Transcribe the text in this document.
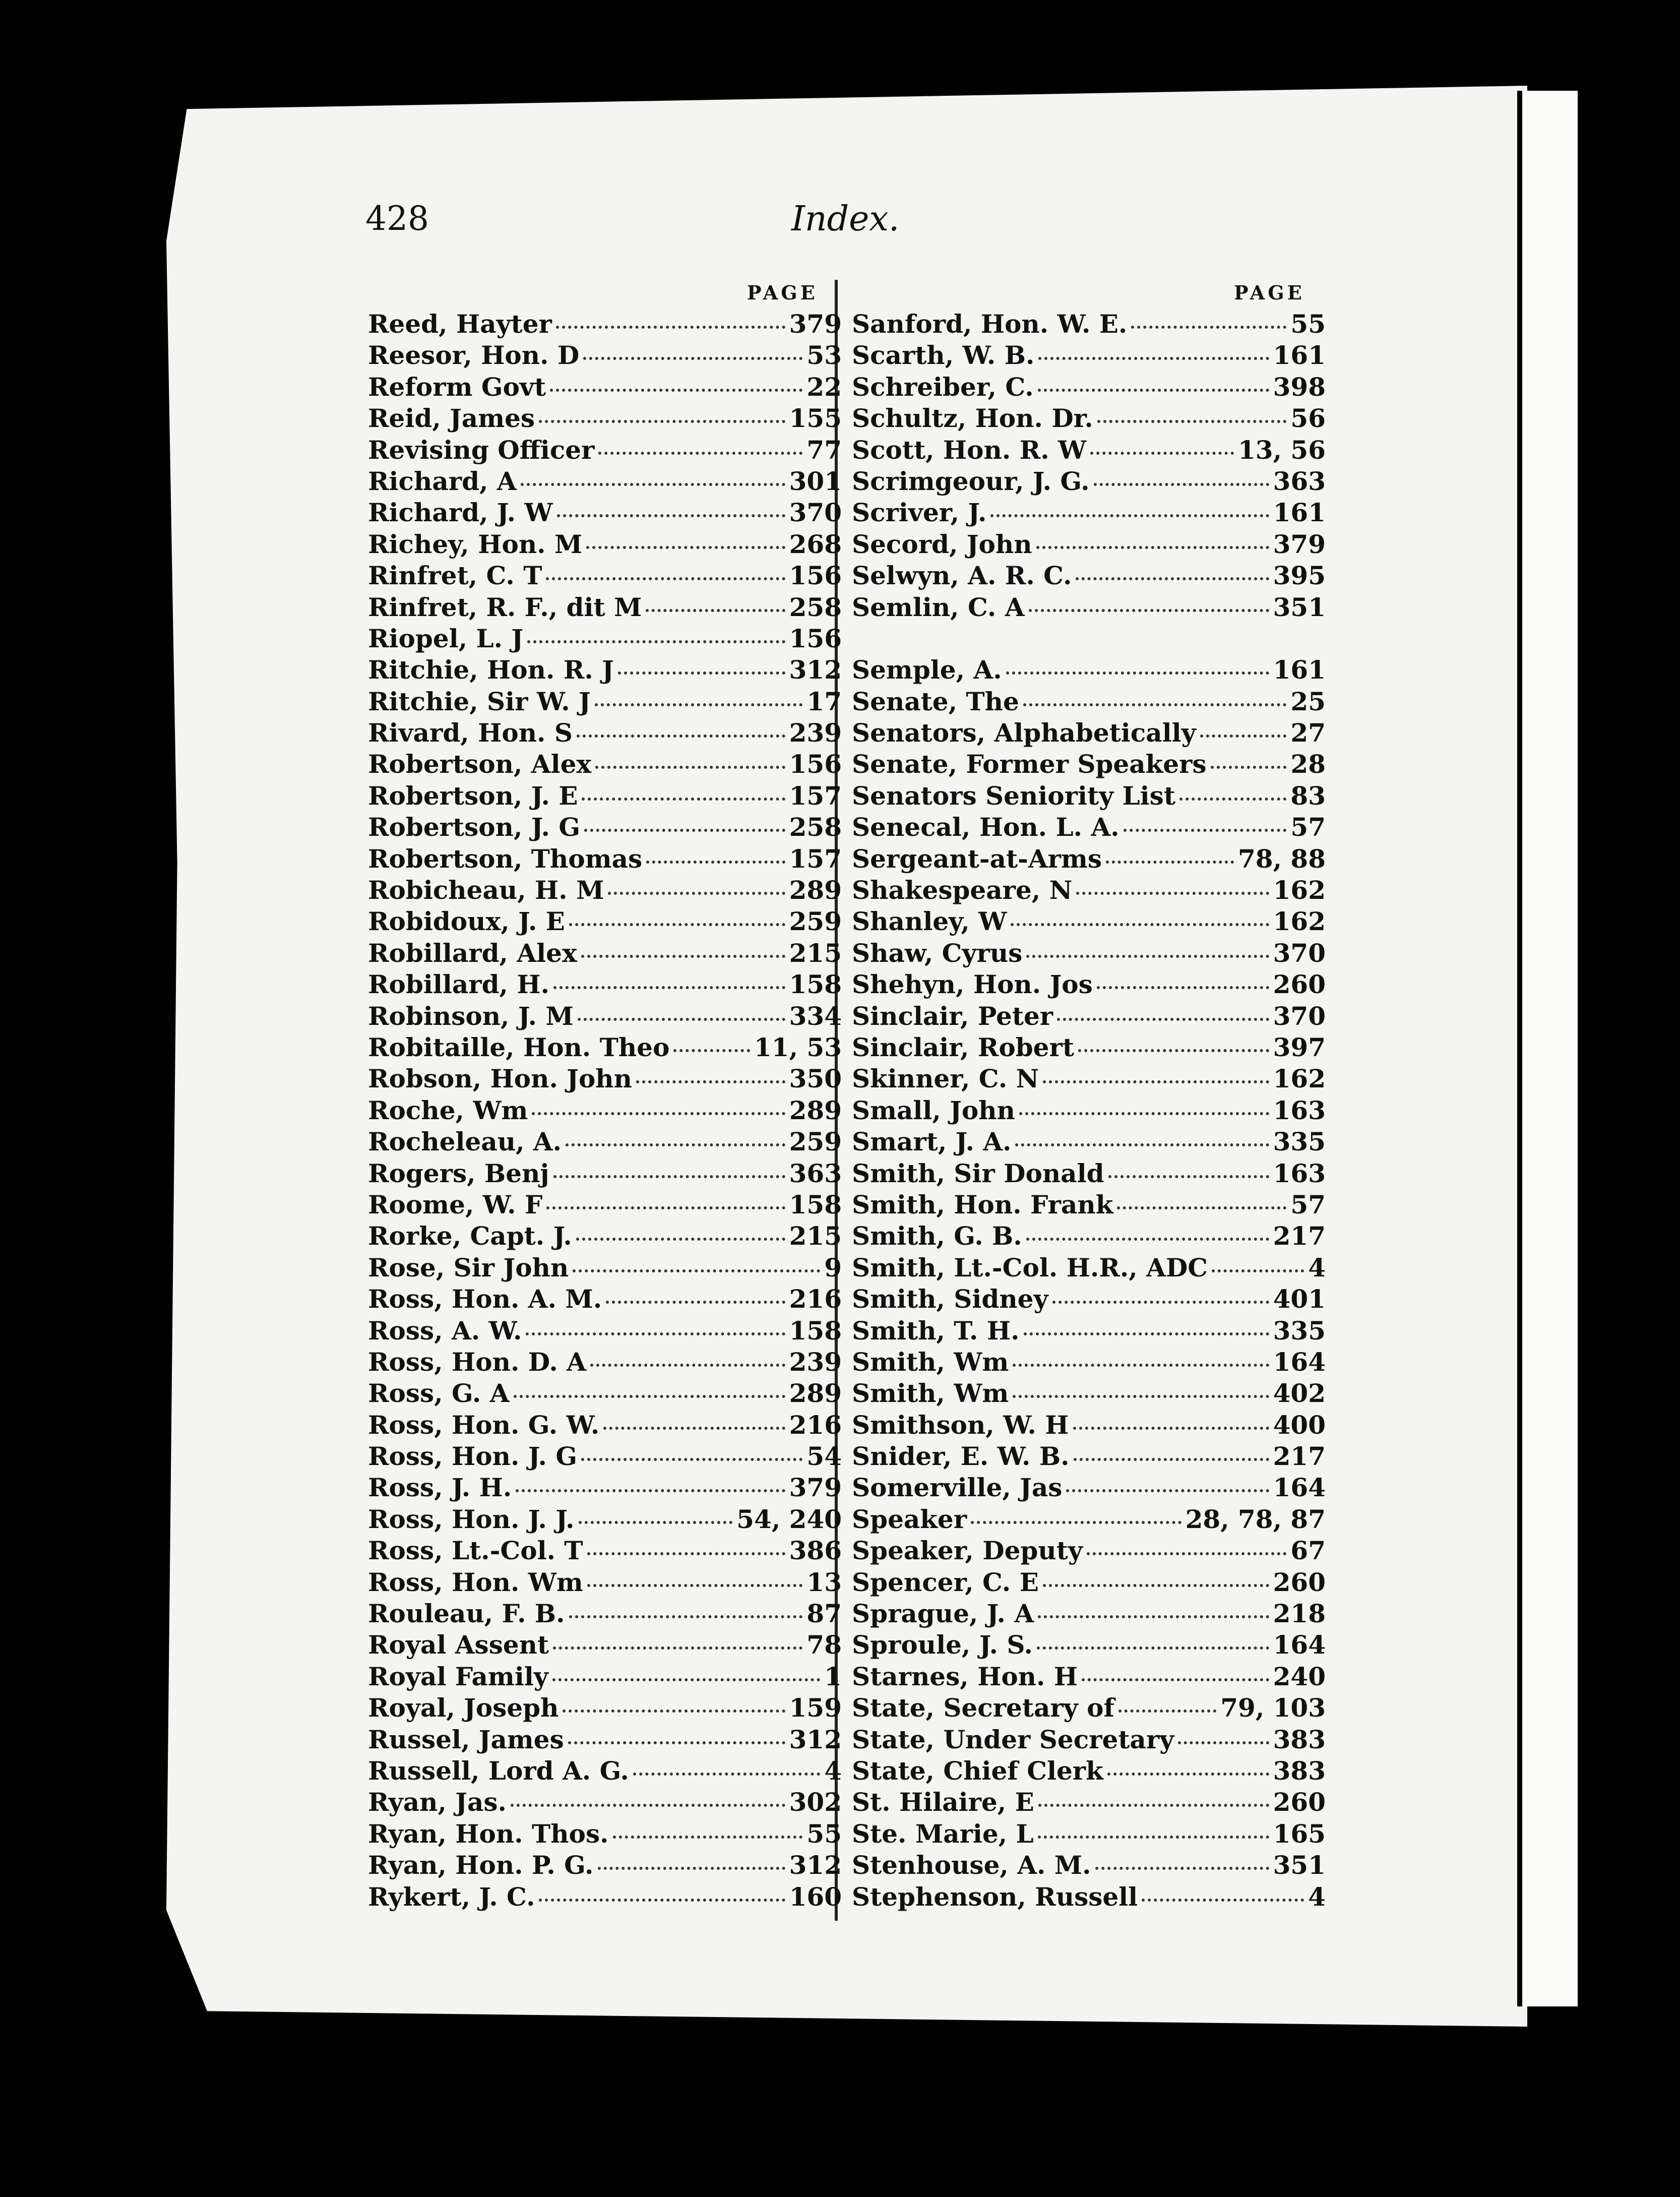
428	Index.
PAGE	PAGE
Reed, Hayter	379
Reesor, Hon. D	53
Reform Govt	22
Reid, James	155
Revising Officer	77
Richard, A	301
Richard, J. W	370
Richey, Hon. M	268
Rinfret, C. T	156
Rinfret, R. F., dit M	258
Riopel, L. J	156
Ritchie, Hon. R. J	312
Ritchie, Sir W. J	17
Rivard, Hon. S	239
Robertson, Alex	156
Robertson, J. E	157
Robertson, J. G	258
Robertson, Thomas	157
Robicheau, H. M	289
Robidoux, J. E	259
Robillard, Alex	215
Robillard, H.	158
Robinson, J. M	334
Robitaille, Hon. Theo	11, 53
Robson, Hon. John	350
Roche, Wm	289
Rocheleau, A.	259
Rogers, Benj	363
Roome, W. F	158
Rorke, Capt. J.	215
Rose, Sir John	9
Ross, Hon. A. M.	216
Ross, A. W.	158
Ross, Hon. D. A	239
Ross, G. A	289
Ross, Hon. G. W.	216
Ross, Hon. J. G	54
Ross, J. H.	379
Ross, Hon. J. J.	54, 240
Ross, Lt.-Col. T	386
Ross, Hon. Wm	13
Rouleau, F. B.	87
Royal Assent	78
Royal Family	1
Royal, Joseph	159
Russel, James	312
Russell, Lord A. G.	4
Ryan, Jas.	302
Ryan, Hon. Thos.	55
Ryan, Hon. P. G.	312
Rykert, J. C.	160
Sanford, Hon. W. E.	55
Scarth, W. B.	161
Schreiber, C.	398
Schultz, Hon. Dr.	56
Scott, Hon. R. W	13, 56
Scrimgeour, J. G.	363
Scriver, J.	161
Secord, John	379
Selwyn, A. R. C.	395
Semlin, C. A	351
Semple, A.	161
Senate, The	25
Senators, Alphabetically	27
Senate, Former Speakers	28
Senators Seniority List	83
Senecal, Hon. L. A.	57
Sergeant-at-Arms	78, 88
Shakespeare, N	162
Shanley, W	162
Shaw, Cyrus	370
Shehyn, Hon. Jos	260
Sinclair, Peter	370
Sinclair, Robert	397
Skinner, C. N	162
Small, John	163
Smart, J. A.	335
Smith, Sir Donald	163
Smith, Hon. Frank	57
Smith, G. B.	217
Smith, Lt.-Col. H.R., ADC	4
Smith, Sidney	401
Smith, T. H.	335
Smith, Wm	164
Smith, Wm	402
Smithson, W. H	400
Snider, E. W. B.	217
Somerville, Jas	164
Speaker	28, 78, 87
Speaker, Deputy	67
Spencer, C. E	260
Sprague, J. A	218
Sproule, J. S.	164
Starnes, Hon. H	240
State, Secretary of	79, 103
State, Under Secretary	383
State, Chief Clerk	383
St. Hilaire, E	260
Ste. Marie, L	165
Stenhouse, A. M.	351
Stephenson, Russell	4
